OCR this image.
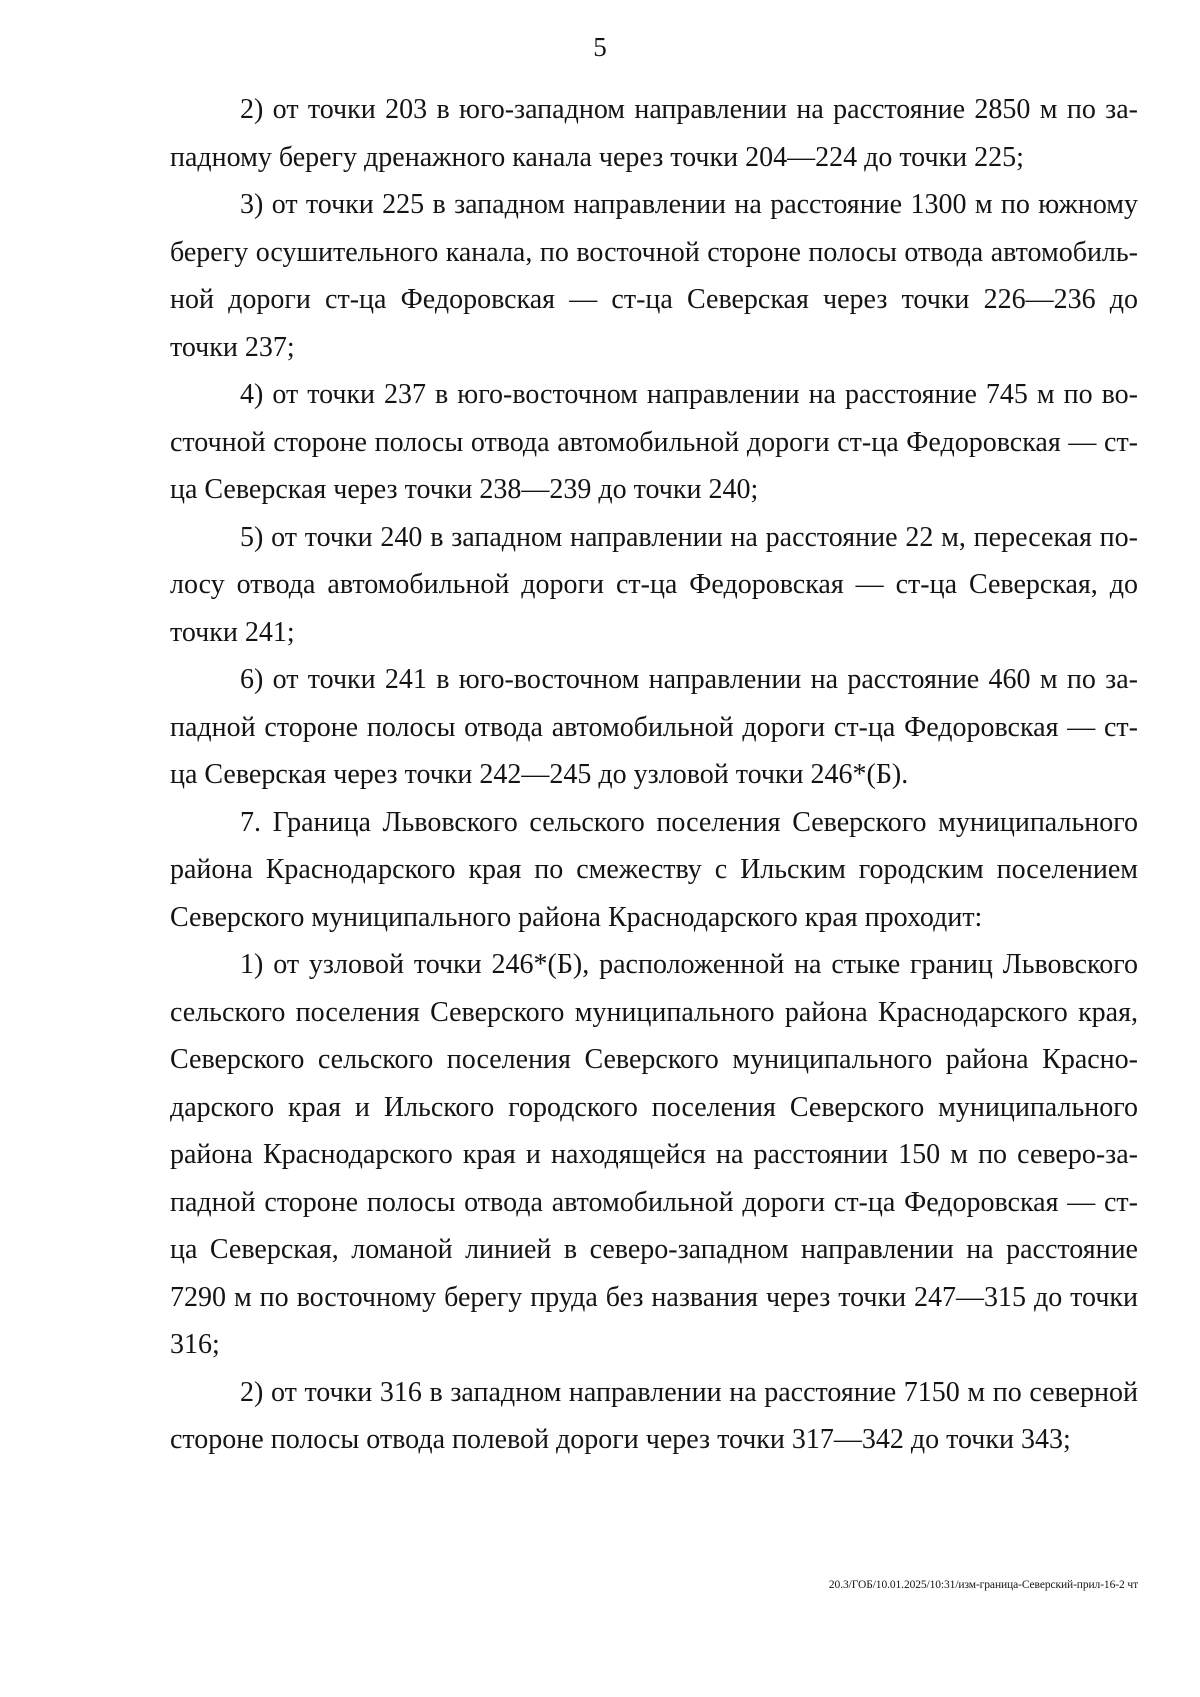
5

2) от точки 203 в юго-западном направлении на расстояние 2850 м по западному берегу дренажного канала через точки 204—224 до точки 225;

3) от точки 225 в западном направлении на расстояние 1300 м по южному берегу осушительного канала, по восточной стороне полосы отвода автомобильной дороги ст-ца Федоровская — ст-ца Северская через точки 226—236 до точки 237;

4) от точки 237 в юго-восточном направлении на расстояние 745 м по восточной стороне полосы отвода автомобильной дороги ст-ца Федоровская — ст-ца Северская через точки 238—239 до точки 240;

5) от точки 240 в западном направлении на расстояние 22 м, пересекая полосу отвода автомобильной дороги ст-ца Федоровская — ст-ца Северская, до точки 241;

6) от точки 241 в юго-восточном направлении на расстояние 460 м по западной стороне полосы отвода автомобильной дороги ст-ца Федоровская — ст-ца Северская через точки 242—245 до узловой точки 246*(Б).

7. Граница Львовского сельского поселения Северского муниципального района Краснодарского края по смежеству с Ильским городским поселением Северского муниципального района Краснодарского края проходит:

1) от узловой точки 246*(Б), расположенной на стыке границ Львовского сельского поселения Северского муниципального района Краснодарского края, Северского сельского поселения Северского муниципального района Краснодарского края и Ильского городского поселения Северского муниципального района Краснодарского края и находящейся на расстоянии 150 м по северо-западной стороне полосы отвода автомобильной дороги ст-ца Федоровская — ст-ца Северская, ломаной линией в северо-западном направлении на расстояние 7290 м по восточному берегу пруда без названия через точки 247—315 до точки 316;

2) от точки 316 в западном направлении на расстояние 7150 м по северной стороне полосы отвода полевой дороги через точки 317—342 до точки 343;

20.3/ГОБ/10.01.2025/10:31/изм-граница-Северский-прил-16-2 чт
